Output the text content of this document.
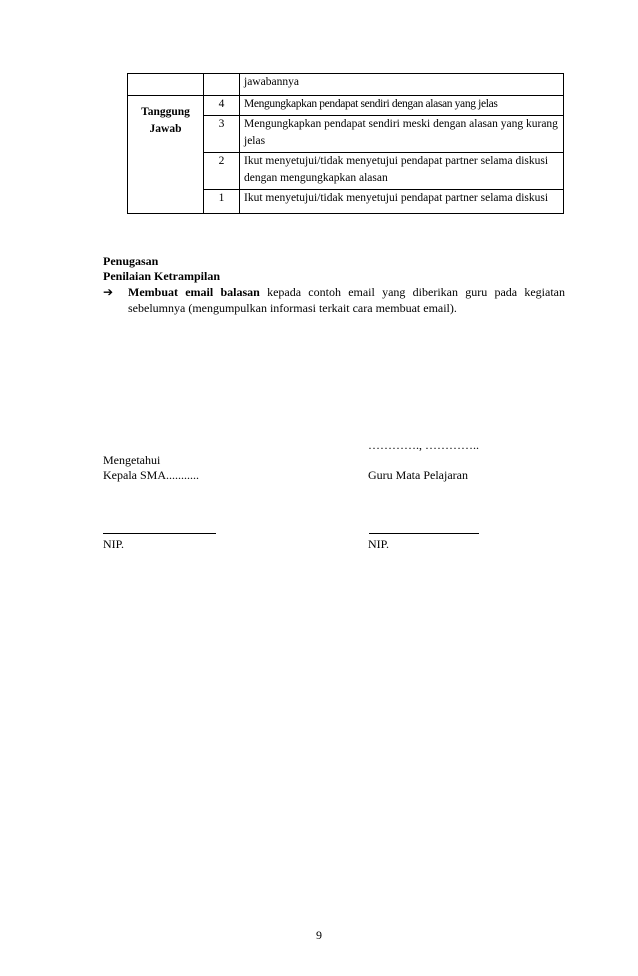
		jawabannya

Tanggung
Jawab	4	Mengungkapkan pendapat sendiri dengan alasan yang jelas
	3	Mengungkapkan pendapat sendiri meski dengan alasan yang kurang jelas
	2	Ikut menyetujui/tidak menyetujui pendapat partner selama diskusi dengan mengungkapkan alasan
	1	Ikut menyetujui/tidak menyetujui pendapat partner selama diskusi
Penugasan
Penilaian Ketrampilan
➔ Membuat email balasan kepada contoh email yang diberikan guru pada kegiatan sebelumnya (mengumpulkan informasi terkait cara membuat email).
…………., …………..
Mengetahui
Kepala SMA...........	Guru Mata Pelajaran
NIP.	NIP.
9
